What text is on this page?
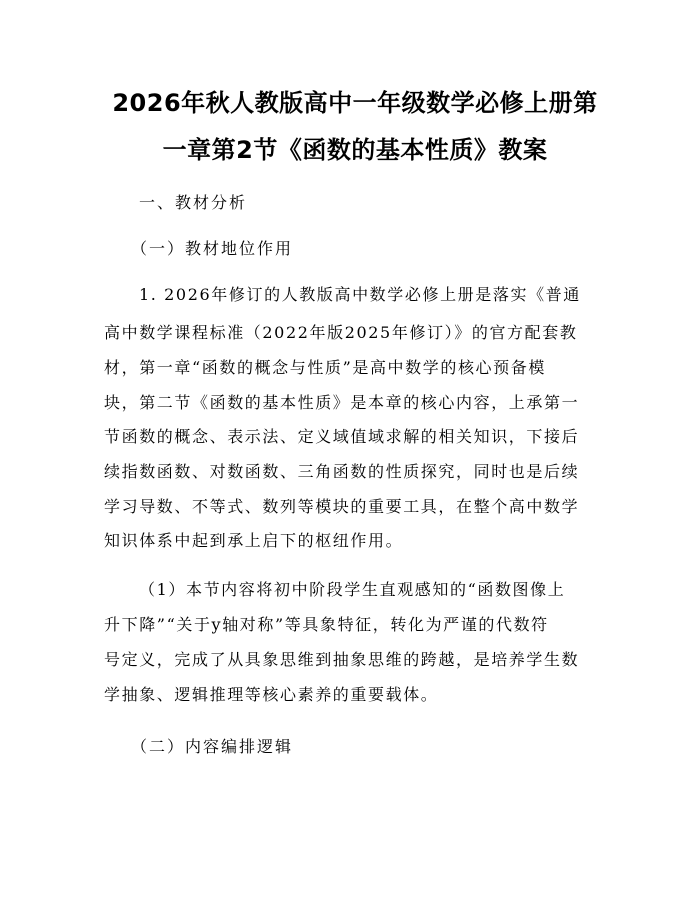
2026年秋人教版高中一年级数学必修上册第
一章第2节《函数的基本性质》教案
一、教材分析
（一）教材地位作用
1. 2026年修订的人教版高中数学必修上册是落实《普通
高中数学课程标准（2022年版2025年修订）》的官方配套教
材，第一章“函数的概念与性质”是高中数学的核心预备模
块，第二节《函数的基本性质》是本章的核心内容，上承第一
节函数的概念、表示法、定义域值域求解的相关知识，下接后
续指数函数、对数函数、三角函数的性质探究，同时也是后续
学习导数、不等式、数列等模块的重要工具，在整个高中数学
知识体系中起到承上启下的枢纽作用。
（1）本节内容将初中阶段学生直观感知的“函数图像上
升下降”“关于y轴对称”等具象特征，转化为严谨的代数符
号定义，完成了从具象思维到抽象思维的跨越，是培养学生数
学抽象、逻辑推理等核心素养的重要载体。
（二）内容编排逻辑
